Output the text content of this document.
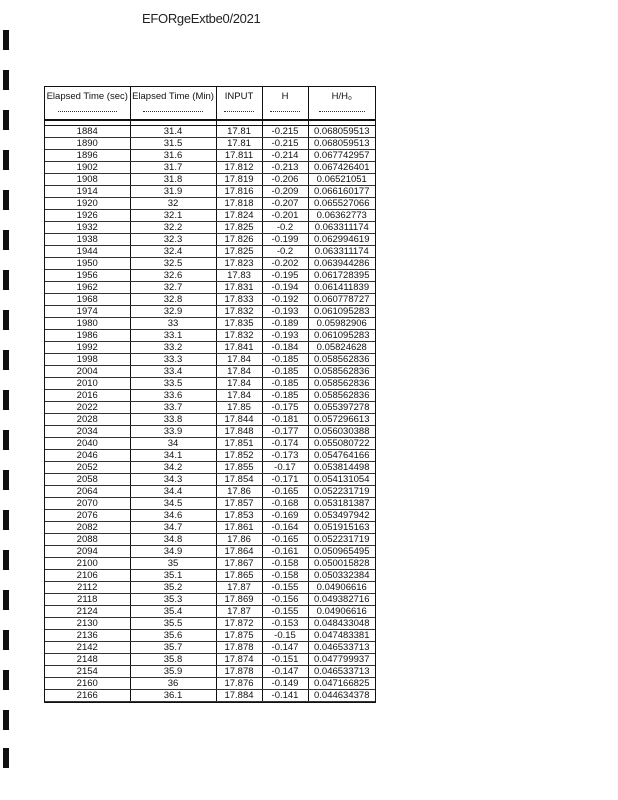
EFORgeExtbe0/2021
Elapsed Time (sec)	Elapsed Time (Min)	INPUT	H	H/H₀

1884	31.4	17.81	-0.215	0.068059513
1890	31.5	17.81	-0.215	0.068059513
1896	31.6	17.811	-0.214	0.067742957
1902	31.7	17.812	-0.213	0.067426401
1908	31.8	17.819	-0.206	0.06521051
1914	31.9	17.816	-0.209	0.066160177
1920	32	17.818	-0.207	0.065527066
1926	32.1	17.824	-0.201	0.06362773
1932	32.2	17.825	-0.2	0.063311174
1938	32.3	17.826	-0.199	0.062994619
1944	32.4	17.825	-0.2	0.063311174
1950	32.5	17.823	-0.202	0.063944286
1956	32.6	17.83	-0.195	0.061728395
1962	32.7	17.831	-0.194	0.061411839
1968	32.8	17.833	-0.192	0.060778727
1974	32.9	17.832	-0.193	0.061095283
1980	33	17.835	-0.189	0.05982906
1986	33.1	17.832	-0.193	0.061095283
1992	33.2	17.841	-0.184	0.05824628
1998	33.3	17.84	-0.185	0.058562836
2004	33.4	17.84	-0.185	0.058562836
2010	33.5	17.84	-0.185	0.058562836
2016	33.6	17.84	-0.185	0.058562836
2022	33.7	17.85	-0.175	0.055397278
2028	33.8	17.844	-0.181	0.057296613
2034	33.9	17.848	-0.177	0.056030388
2040	34	17.851	-0.174	0.055080722
2046	34.1	17.852	-0.173	0.054764166
2052	34.2	17.855	-0.17	0.053814498
2058	34.3	17.854	-0.171	0.054131054
2064	34.4	17.86	-0.165	0.052231719
2070	34.5	17.857	-0.168	0.053181387
2076	34.6	17.853	-0.169	0.053497942
2082	34.7	17.861	-0.164	0.051915163
2088	34.8	17.86	-0.165	0.052231719
2094	34.9	17.864	-0.161	0.050965495
2100	35	17.867	-0.158	0.050015828
2106	35.1	17.865	-0.158	0.050332384
2112	35.2	17.87	-0.155	0.04906616
2118	35.3	17.869	-0.156	0.049382716
2124	35.4	17.87	-0.155	0.04906616
2130	35.5	17.872	-0.153	0.048433048
2136	35.6	17.875	-0.15	0.047483381
2142	35.7	17.878	-0.147	0.046533713
2148	35.8	17.874	-0.151	0.047799937
2154	35.9	17.878	-0.147	0.046533713
2160	36	17.876	-0.149	0.047166825
2166	36.1	17.884	-0.141	0.044634378
